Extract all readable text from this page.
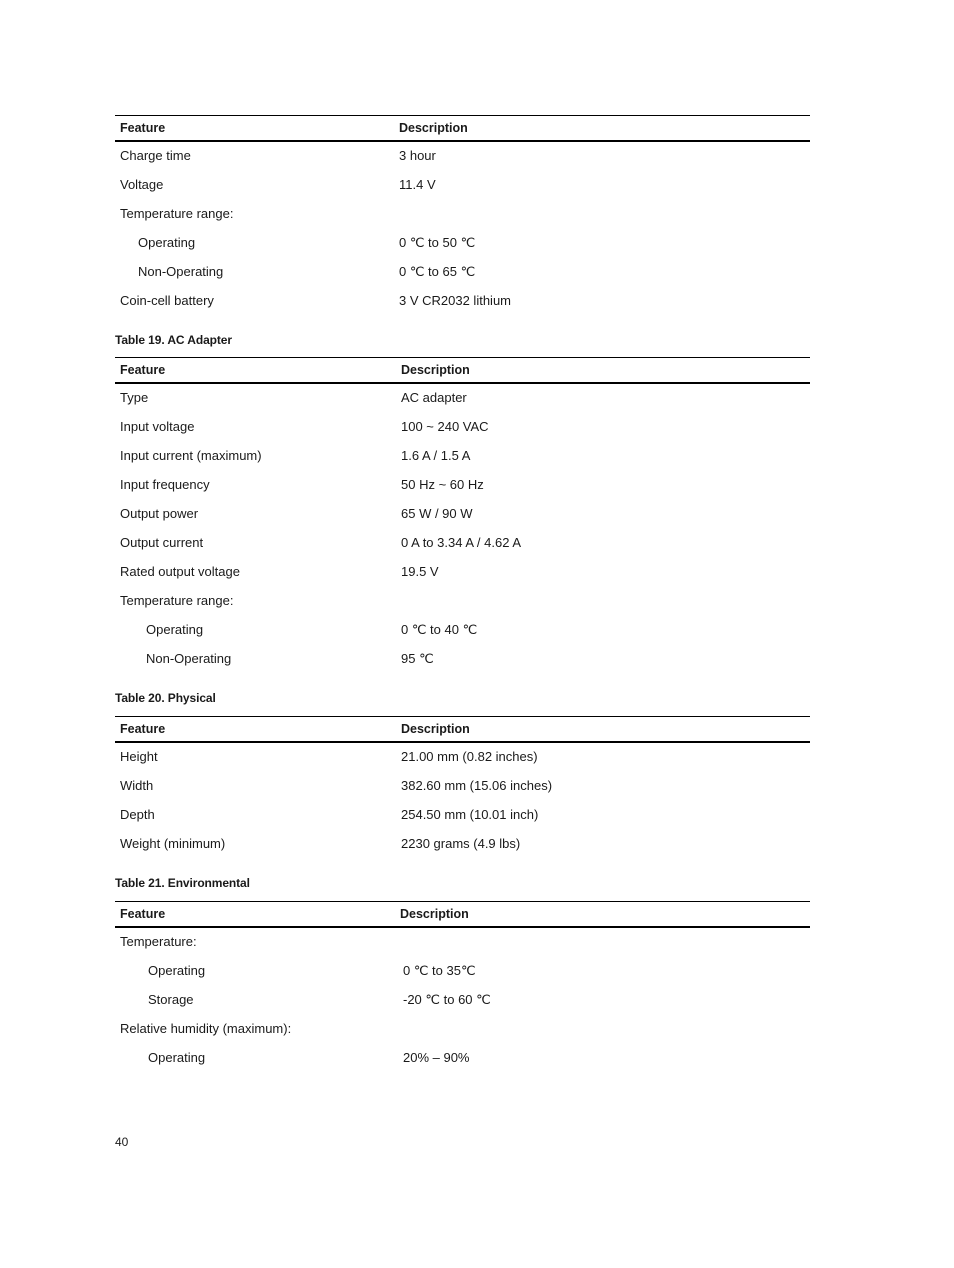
Feature	Description
Charge time	3 hour
Voltage	11.4 V
Temperature range:
Operating	0 ℃ to 50 ℃
Non-Operating	0 ℃ to 65 ℃
Coin-cell battery	3 V CR2032 lithium
Table 19. AC Adapter
Feature	Description
Type	AC adapter
Input voltage	100 ~ 240 VAC
Input current (maximum)	1.6 A / 1.5 A
Input frequency	50 Hz ~ 60 Hz
Output power	65 W / 90 W
Output current	0 A to 3.34 A / 4.62 A
Rated output voltage	19.5 V
Temperature range:
Operating	0 ℃ to 40 ℃
Non-Operating	95 ℃
Table 20. Physical
Feature	Description
Height	21.00 mm (0.82 inches)
Width	382.60 mm (15.06 inches)
Depth	254.50 mm (10.01 inch)
Weight (minimum)	2230 grams (4.9 lbs)
Table 21. Environmental
Feature	Description
Temperature:
Operating	0 ℃ to 35℃
Storage	-20 ℃ to 60 ℃
Relative humidity (maximum):
Operating	20% – 90%
40
